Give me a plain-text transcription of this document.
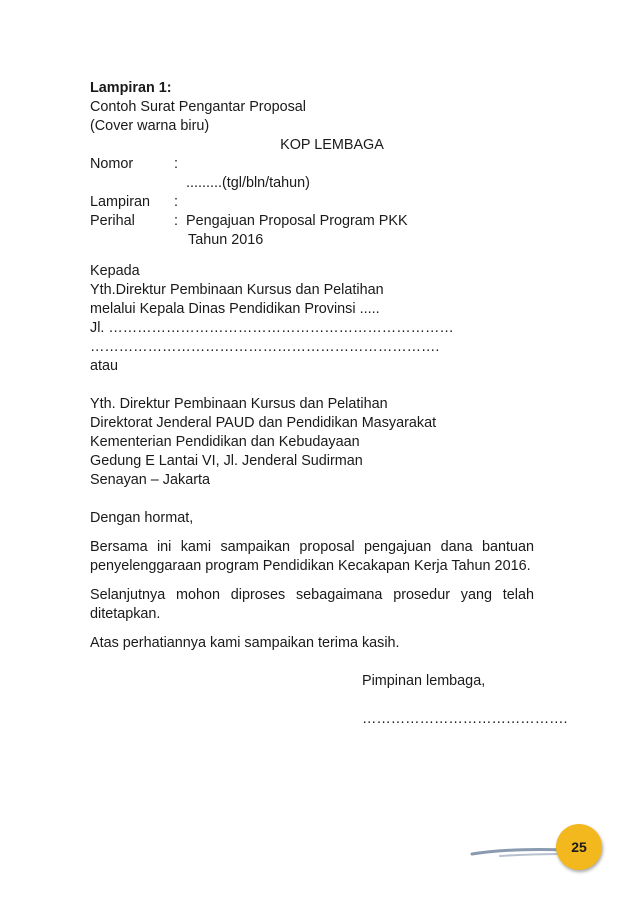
Lampiran 1:
Contoh Surat Pengantar Proposal
(Cover warna biru)
KOP LEMBAGA
Nomor	:
.........(tgl/bln/tahun)
Lampiran	:
Perihal	: Pengajuan Proposal Program PKK
Tahun 2016
Kepada
Yth.Direktur Pembinaan Kursus dan Pelatihan
melalui Kepala Dinas Pendidikan Provinsi .....
Jl. ………………………………………………………………
……………………………………………………………….
atau
Yth. Direktur Pembinaan Kursus dan Pelatihan
Direktorat Jenderal PAUD dan Pendidikan Masyarakat
Kementerian Pendidikan dan Kebudayaan
Gedung E Lantai VI, Jl. Jenderal Sudirman
Senayan – Jakarta
Dengan hormat,

Bersama ini kami sampaikan proposal pengajuan dana bantuan penyelenggaraan program Pendidikan Kecakapan Kerja Tahun 2016.

Selanjutnya mohon diproses sebagaimana prosedur yang telah ditetapkan.

Atas perhatiannya kami sampaikan terima kasih.

Pimpinan lembaga,
…………………………………….
25
